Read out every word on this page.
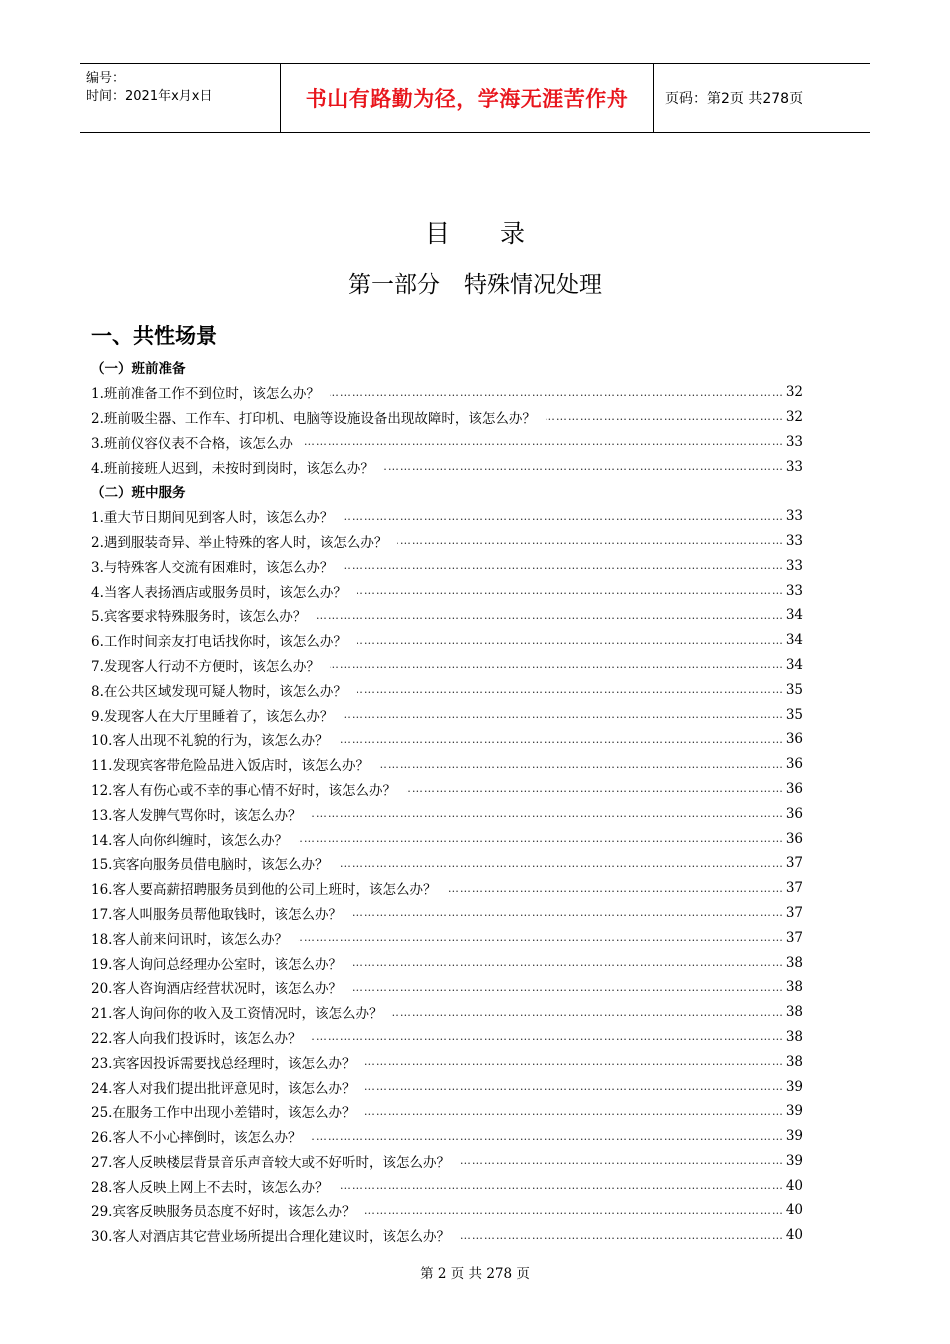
编号：
时间：2021年x月x日	书山有路勤为径，学海无涯苦作舟	页码：第2页 共278页
目 录
第一部分 特殊情况处理
一、共性场景
（一）班前准备
1.班前准备工作不到位时，该怎么办？ …………………………………………………………………………………………………………………………………………………………………………	32
2.班前吸尘器、工作车、打印机、电脑等设施设备出现故障时，该怎么办？ …………………………………………………………………………………………………………………………………………………………………………	32
3.班前仪容仪表不合格，该怎么办 …………………………………………………………………………………………………………………………………………………………………………	33
4.班前接班人迟到，未按时到岗时，该怎么办？ …………………………………………………………………………………………………………………………………………………………………………	33
（二）班中服务
1.重大节日期间见到客人时，该怎么办？ …………………………………………………………………………………………………………………………………………………………………………	33
2.遇到服装奇异、举止特殊的客人时，该怎么办？ …………………………………………………………………………………………………………………………………………………………………………	33
3.与特殊客人交流有困难时，该怎么办？ …………………………………………………………………………………………………………………………………………………………………………	33
4.当客人表扬酒店或服务员时，该怎么办？ …………………………………………………………………………………………………………………………………………………………………………	33
5.宾客要求特殊服务时，该怎么办？ …………………………………………………………………………………………………………………………………………………………………………	34
6.工作时间亲友打电话找你时，该怎么办？ …………………………………………………………………………………………………………………………………………………………………………	34
7.发现客人行动不方便时，该怎么办？ …………………………………………………………………………………………………………………………………………………………………………	34
8.在公共区域发现可疑人物时，该怎么办？ …………………………………………………………………………………………………………………………………………………………………………	35
9.发现客人在大厅里睡着了，该怎么办？ …………………………………………………………………………………………………………………………………………………………………………	35
10.客人出现不礼貌的行为，该怎么办？ …………………………………………………………………………………………………………………………………………………………………………	36
11.发现宾客带危险品进入饭店时，该怎么办？ …………………………………………………………………………………………………………………………………………………………………………	36
12.客人有伤心或不幸的事心情不好时，该怎么办？ …………………………………………………………………………………………………………………………………………………………………………	36
13.客人发脾气骂你时，该怎么办？ …………………………………………………………………………………………………………………………………………………………………………	36
14.客人向你纠缠时，该怎么办？ …………………………………………………………………………………………………………………………………………………………………………	36
15.宾客向服务员借电脑时，该怎么办？ …………………………………………………………………………………………………………………………………………………………………………	37
16.客人要高薪招聘服务员到他的公司上班时，该怎么办？ …………………………………………………………………………………………………………………………………………………………………………	37
17.客人叫服务员帮他取钱时，该怎么办？ …………………………………………………………………………………………………………………………………………………………………………	37
18.客人前来问讯时，该怎么办？ …………………………………………………………………………………………………………………………………………………………………………	37
19.客人询问总经理办公室时，该怎么办？ …………………………………………………………………………………………………………………………………………………………………………	38
20.客人咨询酒店经营状况时，该怎么办？ …………………………………………………………………………………………………………………………………………………………………………	38
21.客人询问你的收入及工资情况时，该怎么办？ …………………………………………………………………………………………………………………………………………………………………………	38
22.客人向我们投诉时，该怎么办？ …………………………………………………………………………………………………………………………………………………………………………	38
23.宾客因投诉需要找总经理时，该怎么办？ …………………………………………………………………………………………………………………………………………………………………………	38
24.客人对我们提出批评意见时，该怎么办？ …………………………………………………………………………………………………………………………………………………………………………	39
25.在服务工作中出现小差错时，该怎么办？ …………………………………………………………………………………………………………………………………………………………………………	39
26.客人不小心摔倒时，该怎么办？ …………………………………………………………………………………………………………………………………………………………………………	39
27.客人反映楼层背景音乐声音较大或不好听时，该怎么办？ …………………………………………………………………………………………………………………………………………………………………………	39
28.客人反映上网上不去时，该怎么办？ …………………………………………………………………………………………………………………………………………………………………………	40
29.宾客反映服务员态度不好时，该怎么办？ …………………………………………………………………………………………………………………………………………………………………………	40
30.客人对酒店其它营业场所提出合理化建议时，该怎么办？ …………………………………………………………………………………………………………………………………………………………………………	40
第 2 页 共 278 页
